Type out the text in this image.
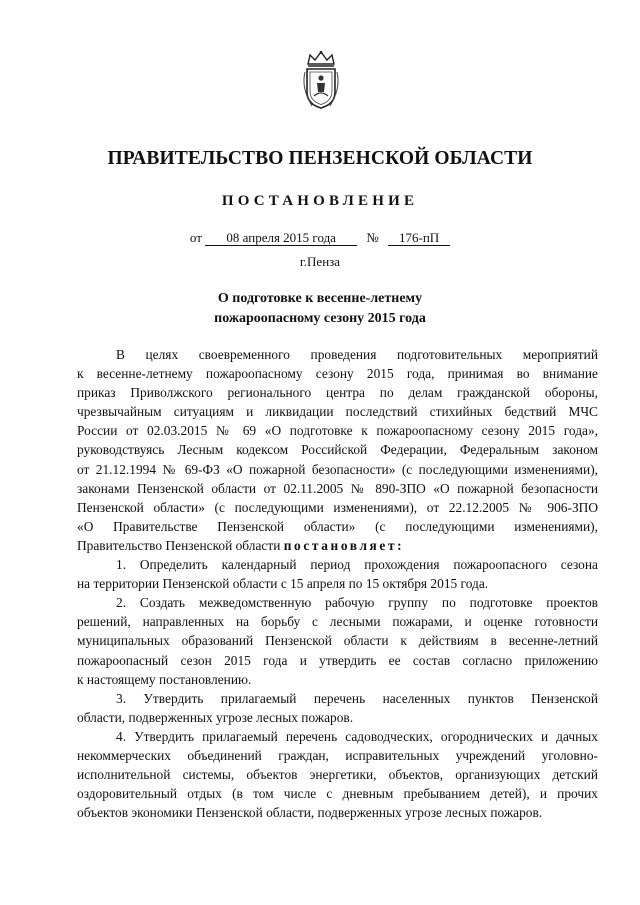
ПРАВИТЕЛЬСТВО ПЕНЗЕНСКОЙ ОБЛАСТИ
ПОСТАНОВЛЕНИЕ
от 08 апреля 2015 года № 176-пП
г.Пенза
О подготовке к весенне-летнему
пожароопасному сезону 2015 года
В целях своевременного проведения подготовительных мероприятий
к весенне-летнему пожароопасному сезону 2015 года, принимая во внимание
приказ Приволжского регионального центра по делам гражданской обороны,
чрезвычайным ситуациям и ликвидации последствий стихийных бедствий МЧС
России от 02.03.2015 № 69 «О подготовке к пожароопасному сезону 2015 года»,
руководствуясь Лесным кодексом Российской Федерации, Федеральным законом
от 21.12.1994 № 69-ФЗ «О пожарной безопасности» (с последующими изменениями),
законами Пензенской области от 02.11.2005 № 890-ЗПО «О пожарной безопасности
Пензенской области» (с последующими изменениями), от 22.12.2005 № 906-ЗПО
«О Правительстве Пензенской области» (с последующими изменениями),
Правительство Пензенской области постановляет:
1. Определить календарный период прохождения пожароопасного сезона
на территории Пензенской области с 15 апреля по 15 октября 2015 года.
2. Создать межведомственную рабочую группу по подготовке проектов
решений, направленных на борьбу с лесными пожарами, и оценке готовности
муниципальных образований Пензенской области к действиям в весенне-летний
пожароопасный сезон 2015 года и утвердить ее состав согласно приложению
к настоящему постановлению.
3. Утвердить прилагаемый перечень населенных пунктов Пензенской
области, подверженных угрозе лесных пожаров.
4. Утвердить прилагаемый перечень садоводческих, огороднических и дачных
некоммерческих объединений граждан, исправительных учреждений уголовно-
исполнительной системы, объектов энергетики, объектов, организующих детский
оздоровительный отдых (в том числе с дневным пребыванием детей), и прочих
объектов экономики Пензенской области, подверженных угрозе лесных пожаров.
